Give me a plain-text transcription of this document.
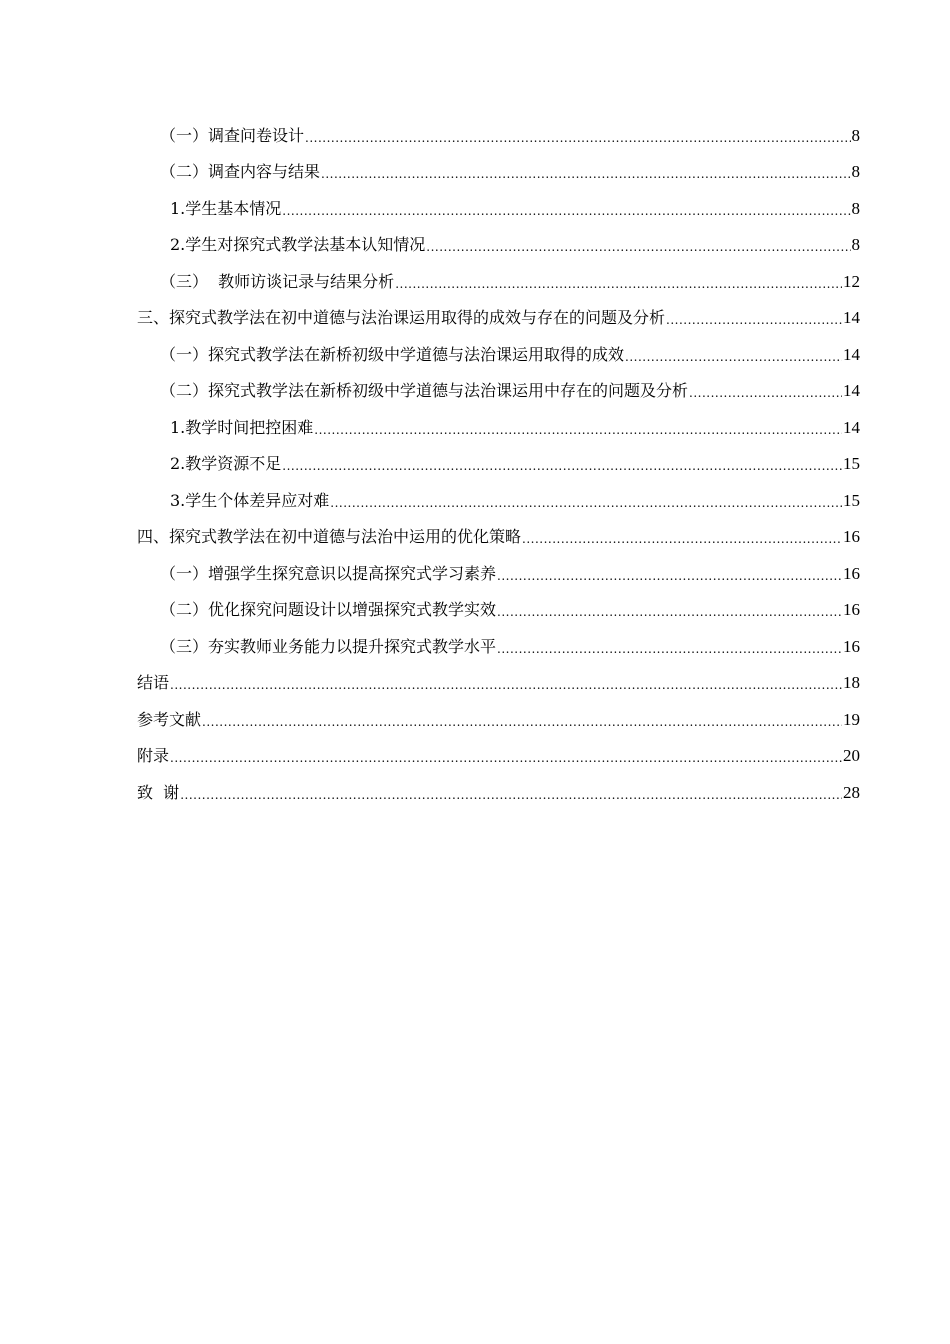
（一）调查问卷设计 .....	8
（二）调查内容与结果 .....	8
1.学生基本情况 .....	8
2.学生对探究式教学法基本认知情况 .....	8
（三）  教师访谈记录与结果分析 .....	12
三、探究式教学法在初中道德与法治课运用取得的成效与存在的问题及分析 .....	14
（一）探究式教学法在新桥初级中学道德与法治课运用取得的成效 .....	14
（二）探究式教学法在新桥初级中学道德与法治课运用中存在的问题及分析 .....	14
1.教学时间把控困难 .....	14
2.教学资源不足 .....	15
3.学生个体差异应对难 .....	15
四、探究式教学法在初中道德与法治中运用的优化策略 .....	16
（一）增强学生探究意识以提高探究式学习素养 .....	16
（二）优化探究问题设计以增强探究式教学实效 .....	16
（三）夯实教师业务能力以提升探究式教学水平 .....	16
结语 .....	18
参考文献 .....	19
附录 .....	20
致  谢 .....	28
